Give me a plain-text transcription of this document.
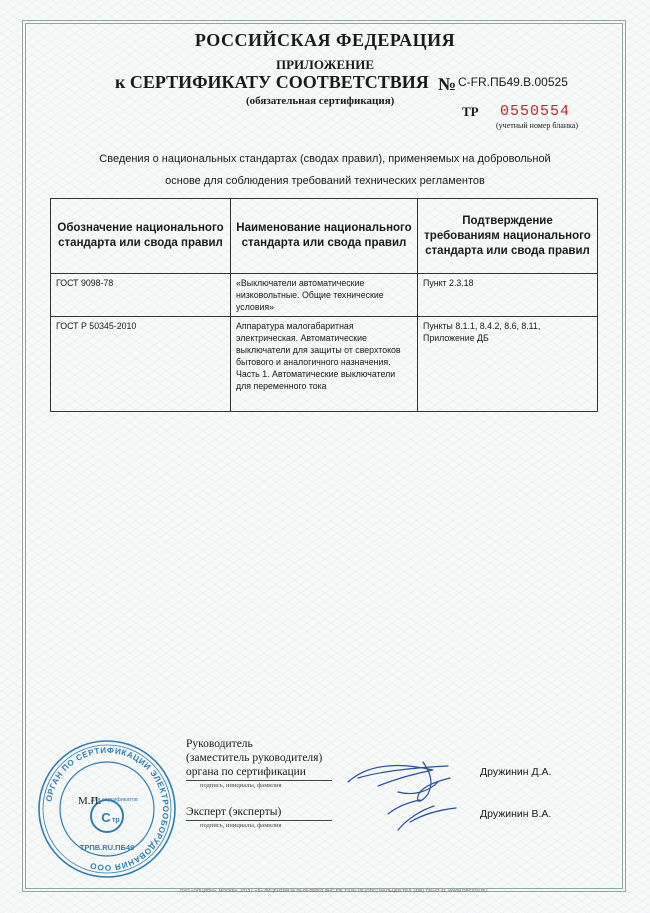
РОССИЙСКАЯ ФЕДЕРАЦИЯ
ПРИЛОЖЕНИЕ
к СЕРТИФИКАТУ СООТВЕТСТВИЯ № С-FR.ПБ49.В.00525
(обязательная сертификация)
ТР 0550554
(учетный номер бланка)
Сведения о национальных стандартах (сводах правил), применяемых на добровольной
основе для соблюдения требований технических регламентов
Обозначение национального стандарта или свода правил	Наименование национального стандарта или свода правил	Подтверждение требованиям национального стандарта или свода правил
ГОСТ 9098-78	«Выключатели автоматические низковольтные. Общие технические условия»	Пункт 2.3.18
ГОСТ Р 50345-2010	Аппаратура малогабаритная электрическая. Автоматические выключатели для защиты от сверхтоков бытового и аналогичного назначения. Часть 1. Автоматические выключатели для переменного тока	Пункты 8.1.1, 8.4.2, 8.6, 8.11, Приложение ДБ
Руководитель
(заместитель руководителя)
органа по сертификации
подпись, инициалы, фамилия
Дружинин Д.А.
Эксперт (эксперты)
подпись, инициалы, фамилия
Дружинин В.А.
ОРГАН ПО СЕРТИФИКАЦИИ ЭЛЕКТРООБОРУДОВАНИЯ ООО
для сертификатов
С тр
ТРПВ.RU.ПБ49
М.П.
ОАО «ОПЦИОН», МОСКВА, 2013 г. «Б» ЛИЦЕНЗИЯ № 05-05-09/003 ФНС РФ, ТЗ № 1/5 (ОПС) МАЛЬЦЕВ ТЕЛ. (495) 726-47-42, WWW.OPCION.RU
